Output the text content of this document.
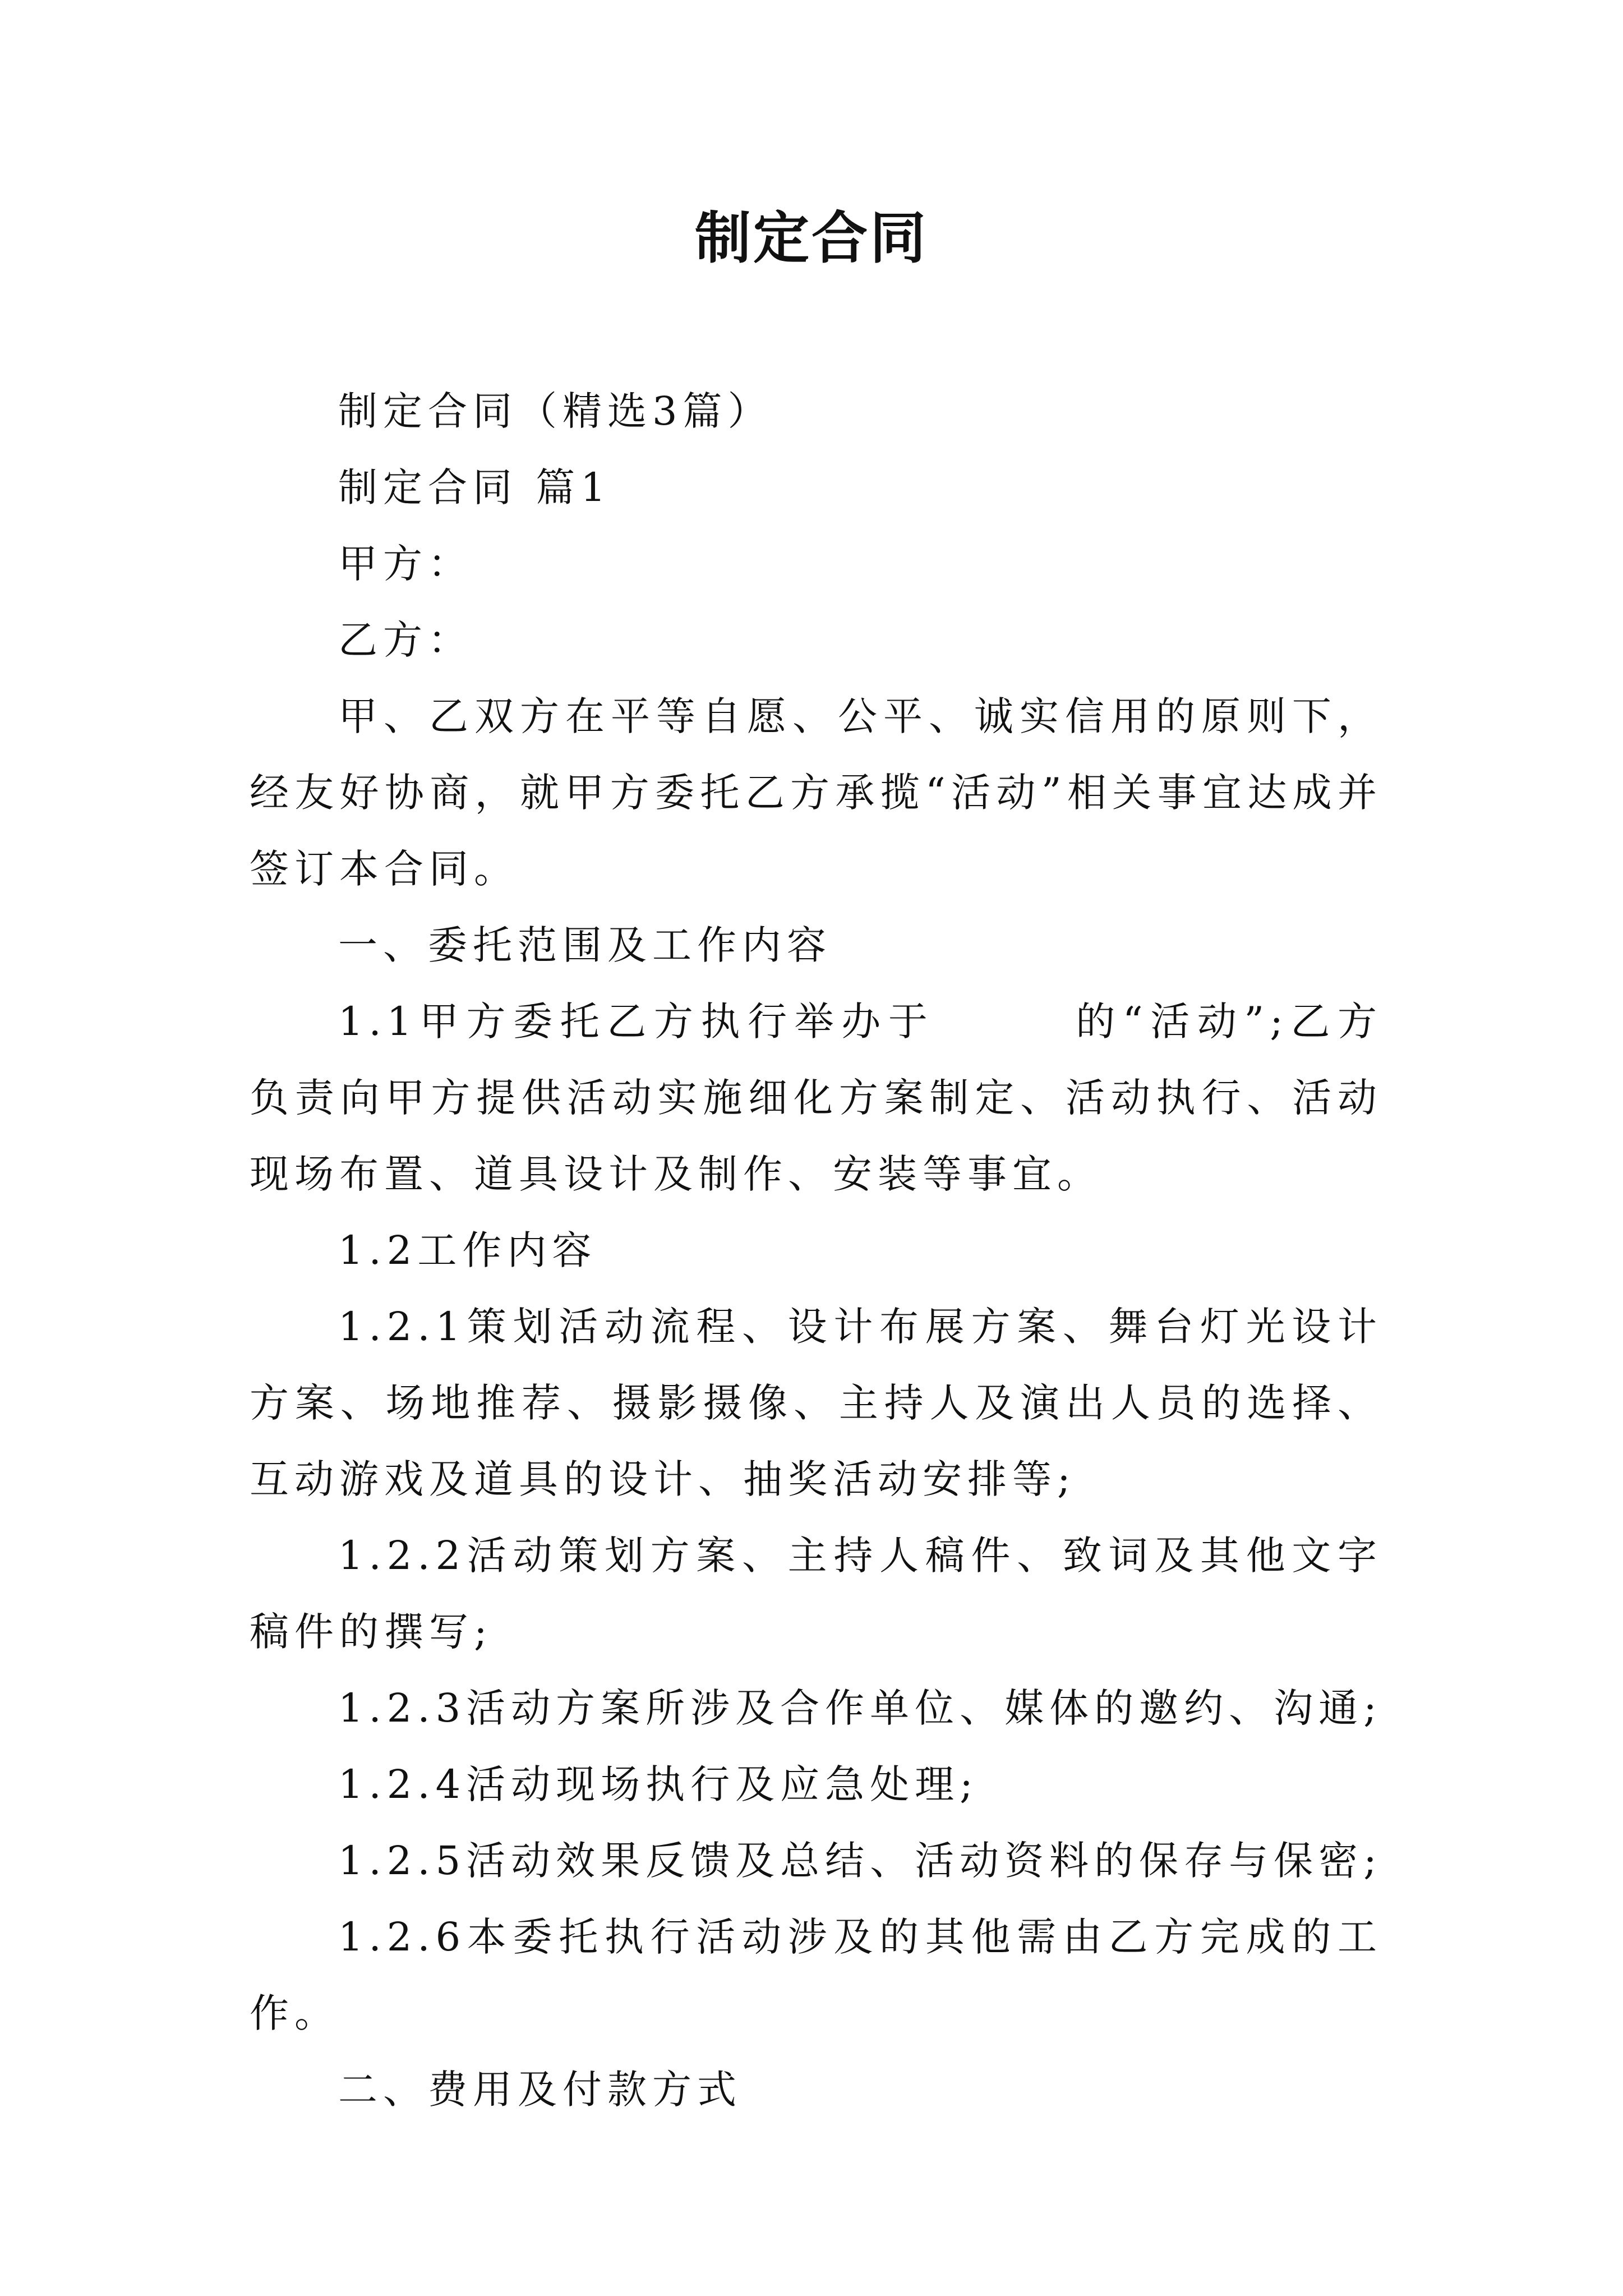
制定合同

制定合同（精选3篇）

制定合同 篇1

甲方：

乙方：

甲、乙双方在平等自愿、公平、诚实信用的原则下，经友好协商，就甲方委托乙方承揽“活动”相关事宜达成并签订本合同。

一、委托范围及工作内容

1.1甲方委托乙方执行举办于　　　的“活动”;乙方负责向甲方提供活动实施细化方案制定、活动执行、活动现场布置、道具设计及制作、安装等事宜。

1.2工作内容

1.2.1策划活动流程、设计布展方案、舞台灯光设计方案、场地推荐、摄影摄像、主持人及演出人员的选择、互动游戏及道具的设计、抽奖活动安排等;

1.2.2活动策划方案、主持人稿件、致词及其他文字稿件的撰写;

1.2.3活动方案所涉及合作单位、媒体的邀约、沟通;

1.2.4活动现场执行及应急处理;

1.2.5活动效果反馈及总结、活动资料的保存与保密;

1.2.6本委托执行活动涉及的其他需由乙方完成的工作。

二、费用及付款方式
